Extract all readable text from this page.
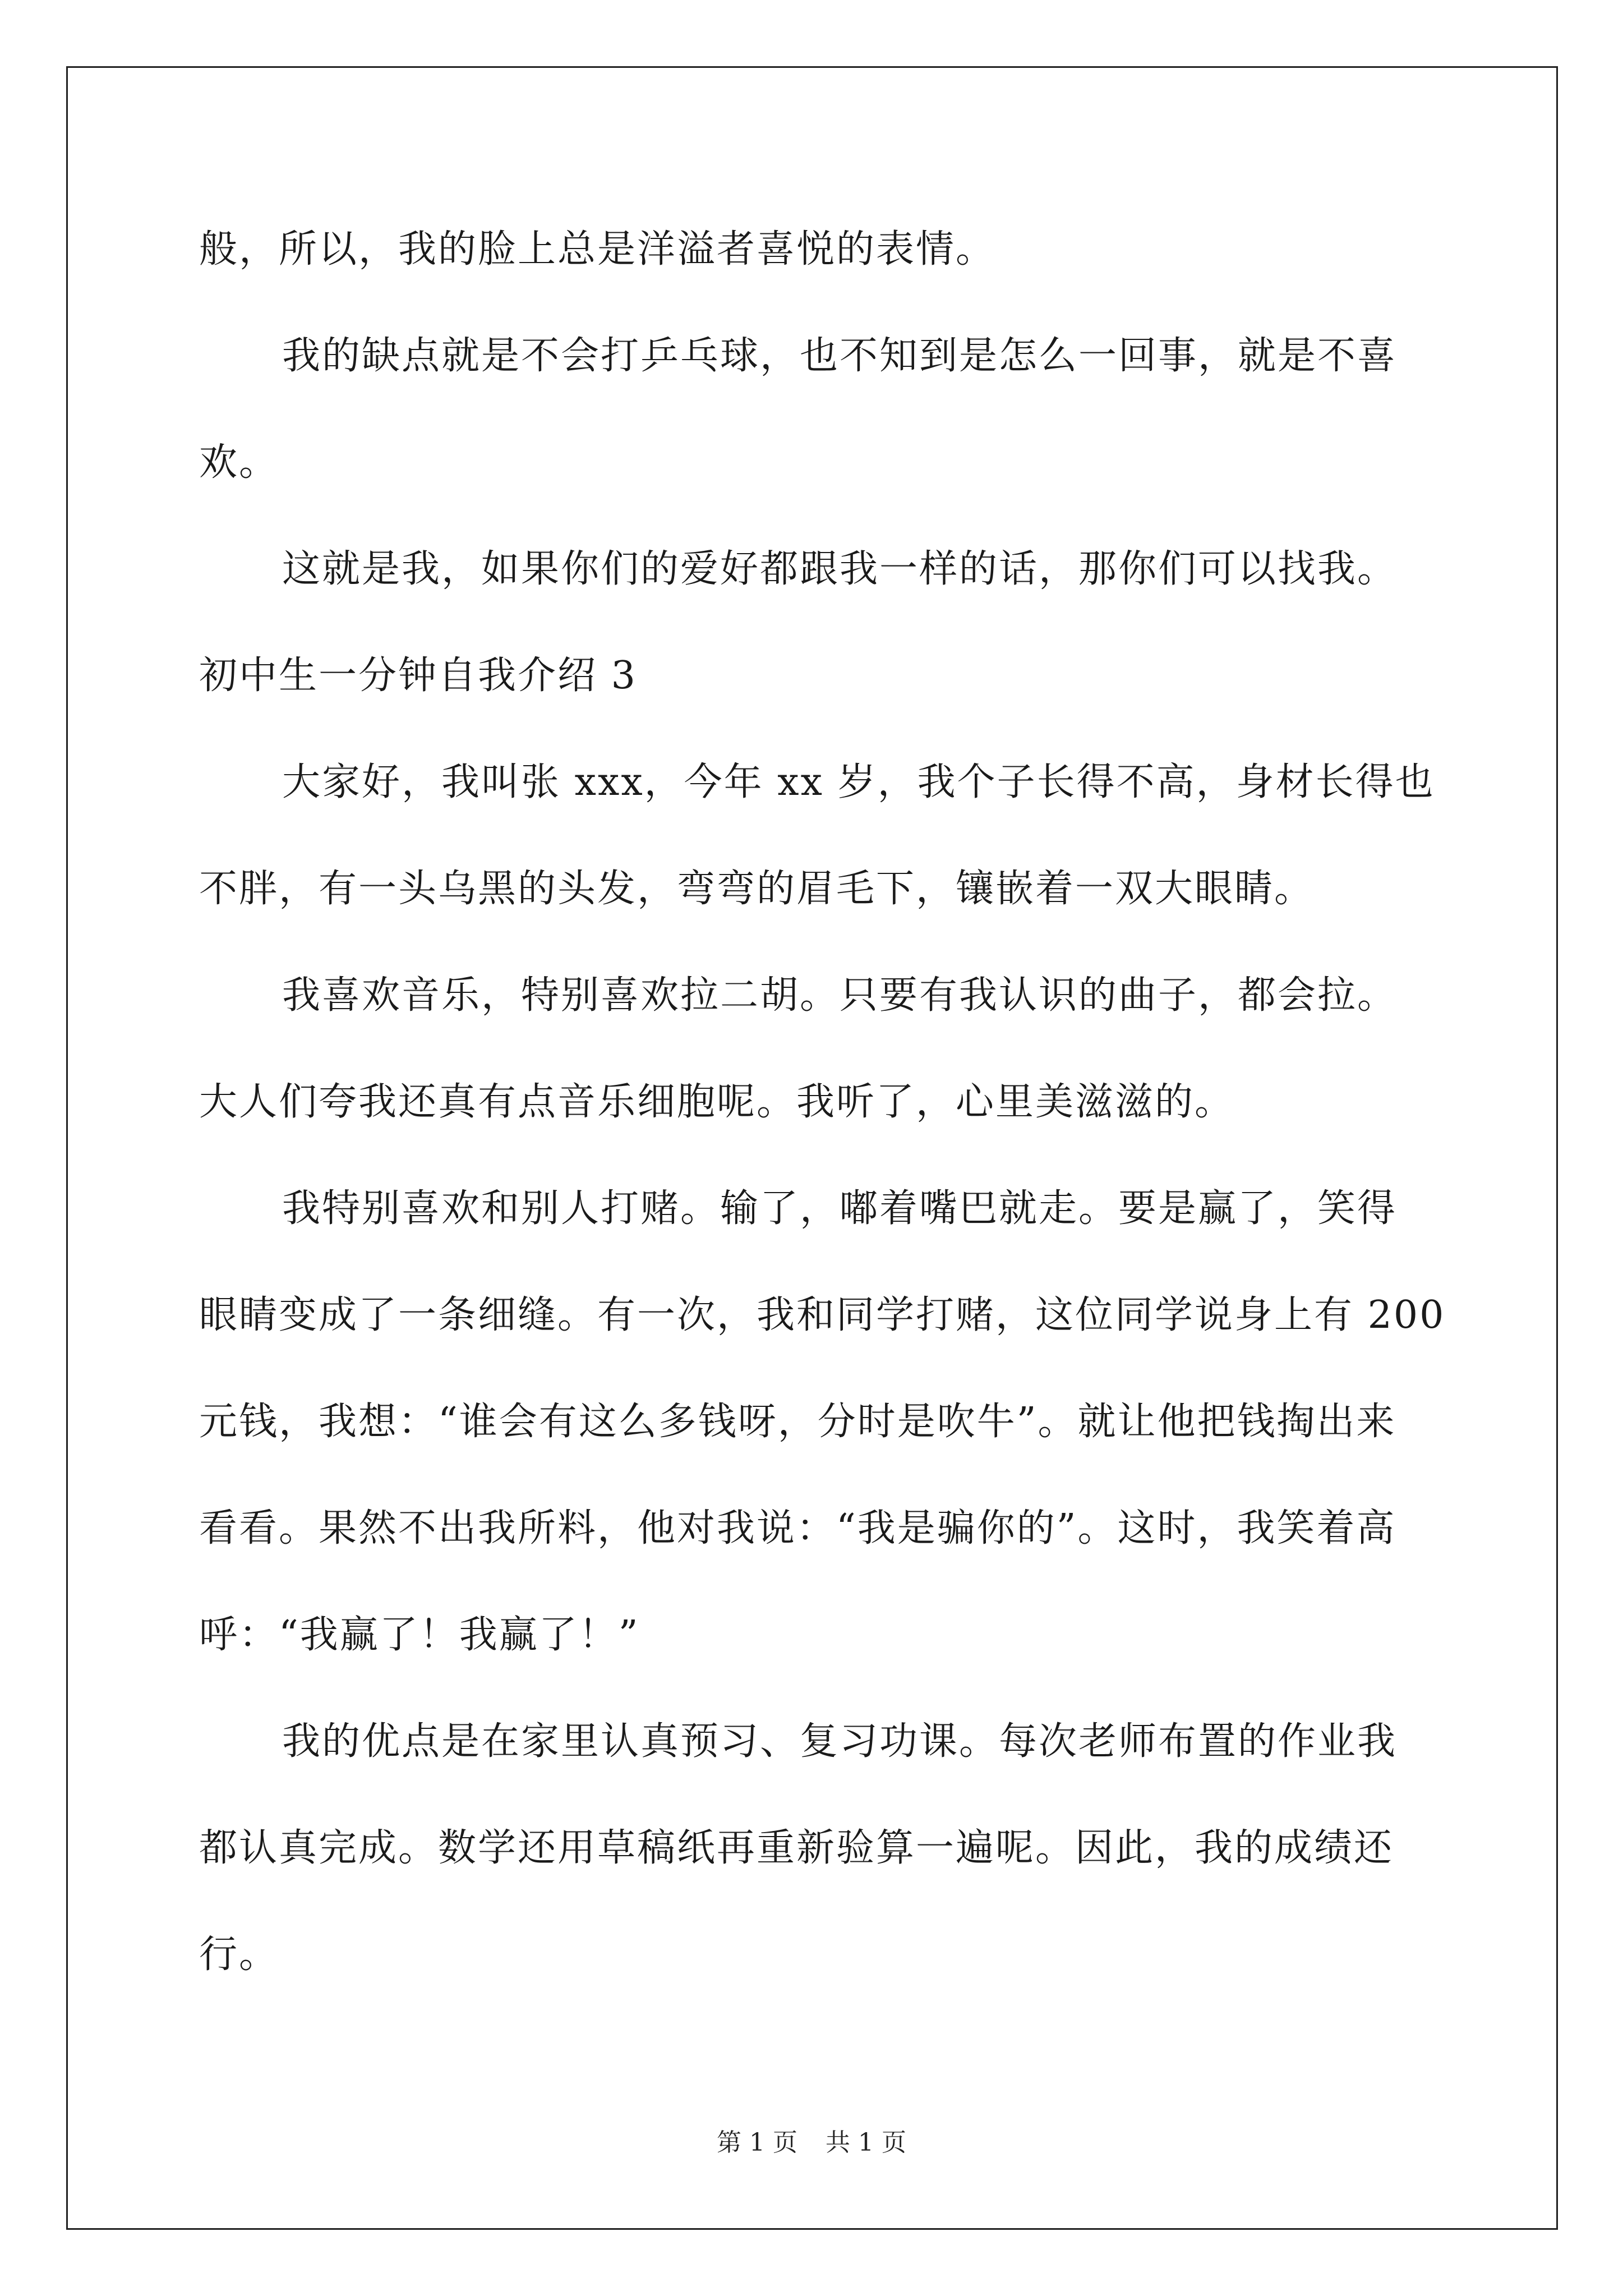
般，所以，我的脸上总是洋溢者喜悦的表情。
我的缺点就是不会打乒乓球，也不知到是怎么一回事，就是不喜
欢。
这就是我，如果你们的爱好都跟我一样的话，那你们可以找我。
初中生一分钟自我介绍 3
大家好，我叫张 xxx，今年 xx 岁，我个子长得不高，身材长得也
不胖，有一头乌黑的头发，弯弯的眉毛下，镶嵌着一双大眼睛。
我喜欢音乐，特别喜欢拉二胡。只要有我认识的曲子，都会拉。
大人们夸我还真有点音乐细胞呢。我听了，心里美滋滋的。
我特别喜欢和别人打赌。输了，嘟着嘴巴就走。要是赢了，笑得
眼睛变成了一条细缝。有一次，我和同学打赌，这位同学说身上有 200
元钱，我想：“谁会有这么多钱呀，分时是吹牛”。就让他把钱掏出来
看看。果然不出我所料，他对我说：“我是骗你的”。这时，我笑着高
呼：“我赢了！我赢了！”
我的优点是在家里认真预习、复习功课。每次老师布置的作业我
都认真完成。数学还用草稿纸再重新验算一遍呢。因此，我的成绩还
行。
第 1 页 共 1 页
